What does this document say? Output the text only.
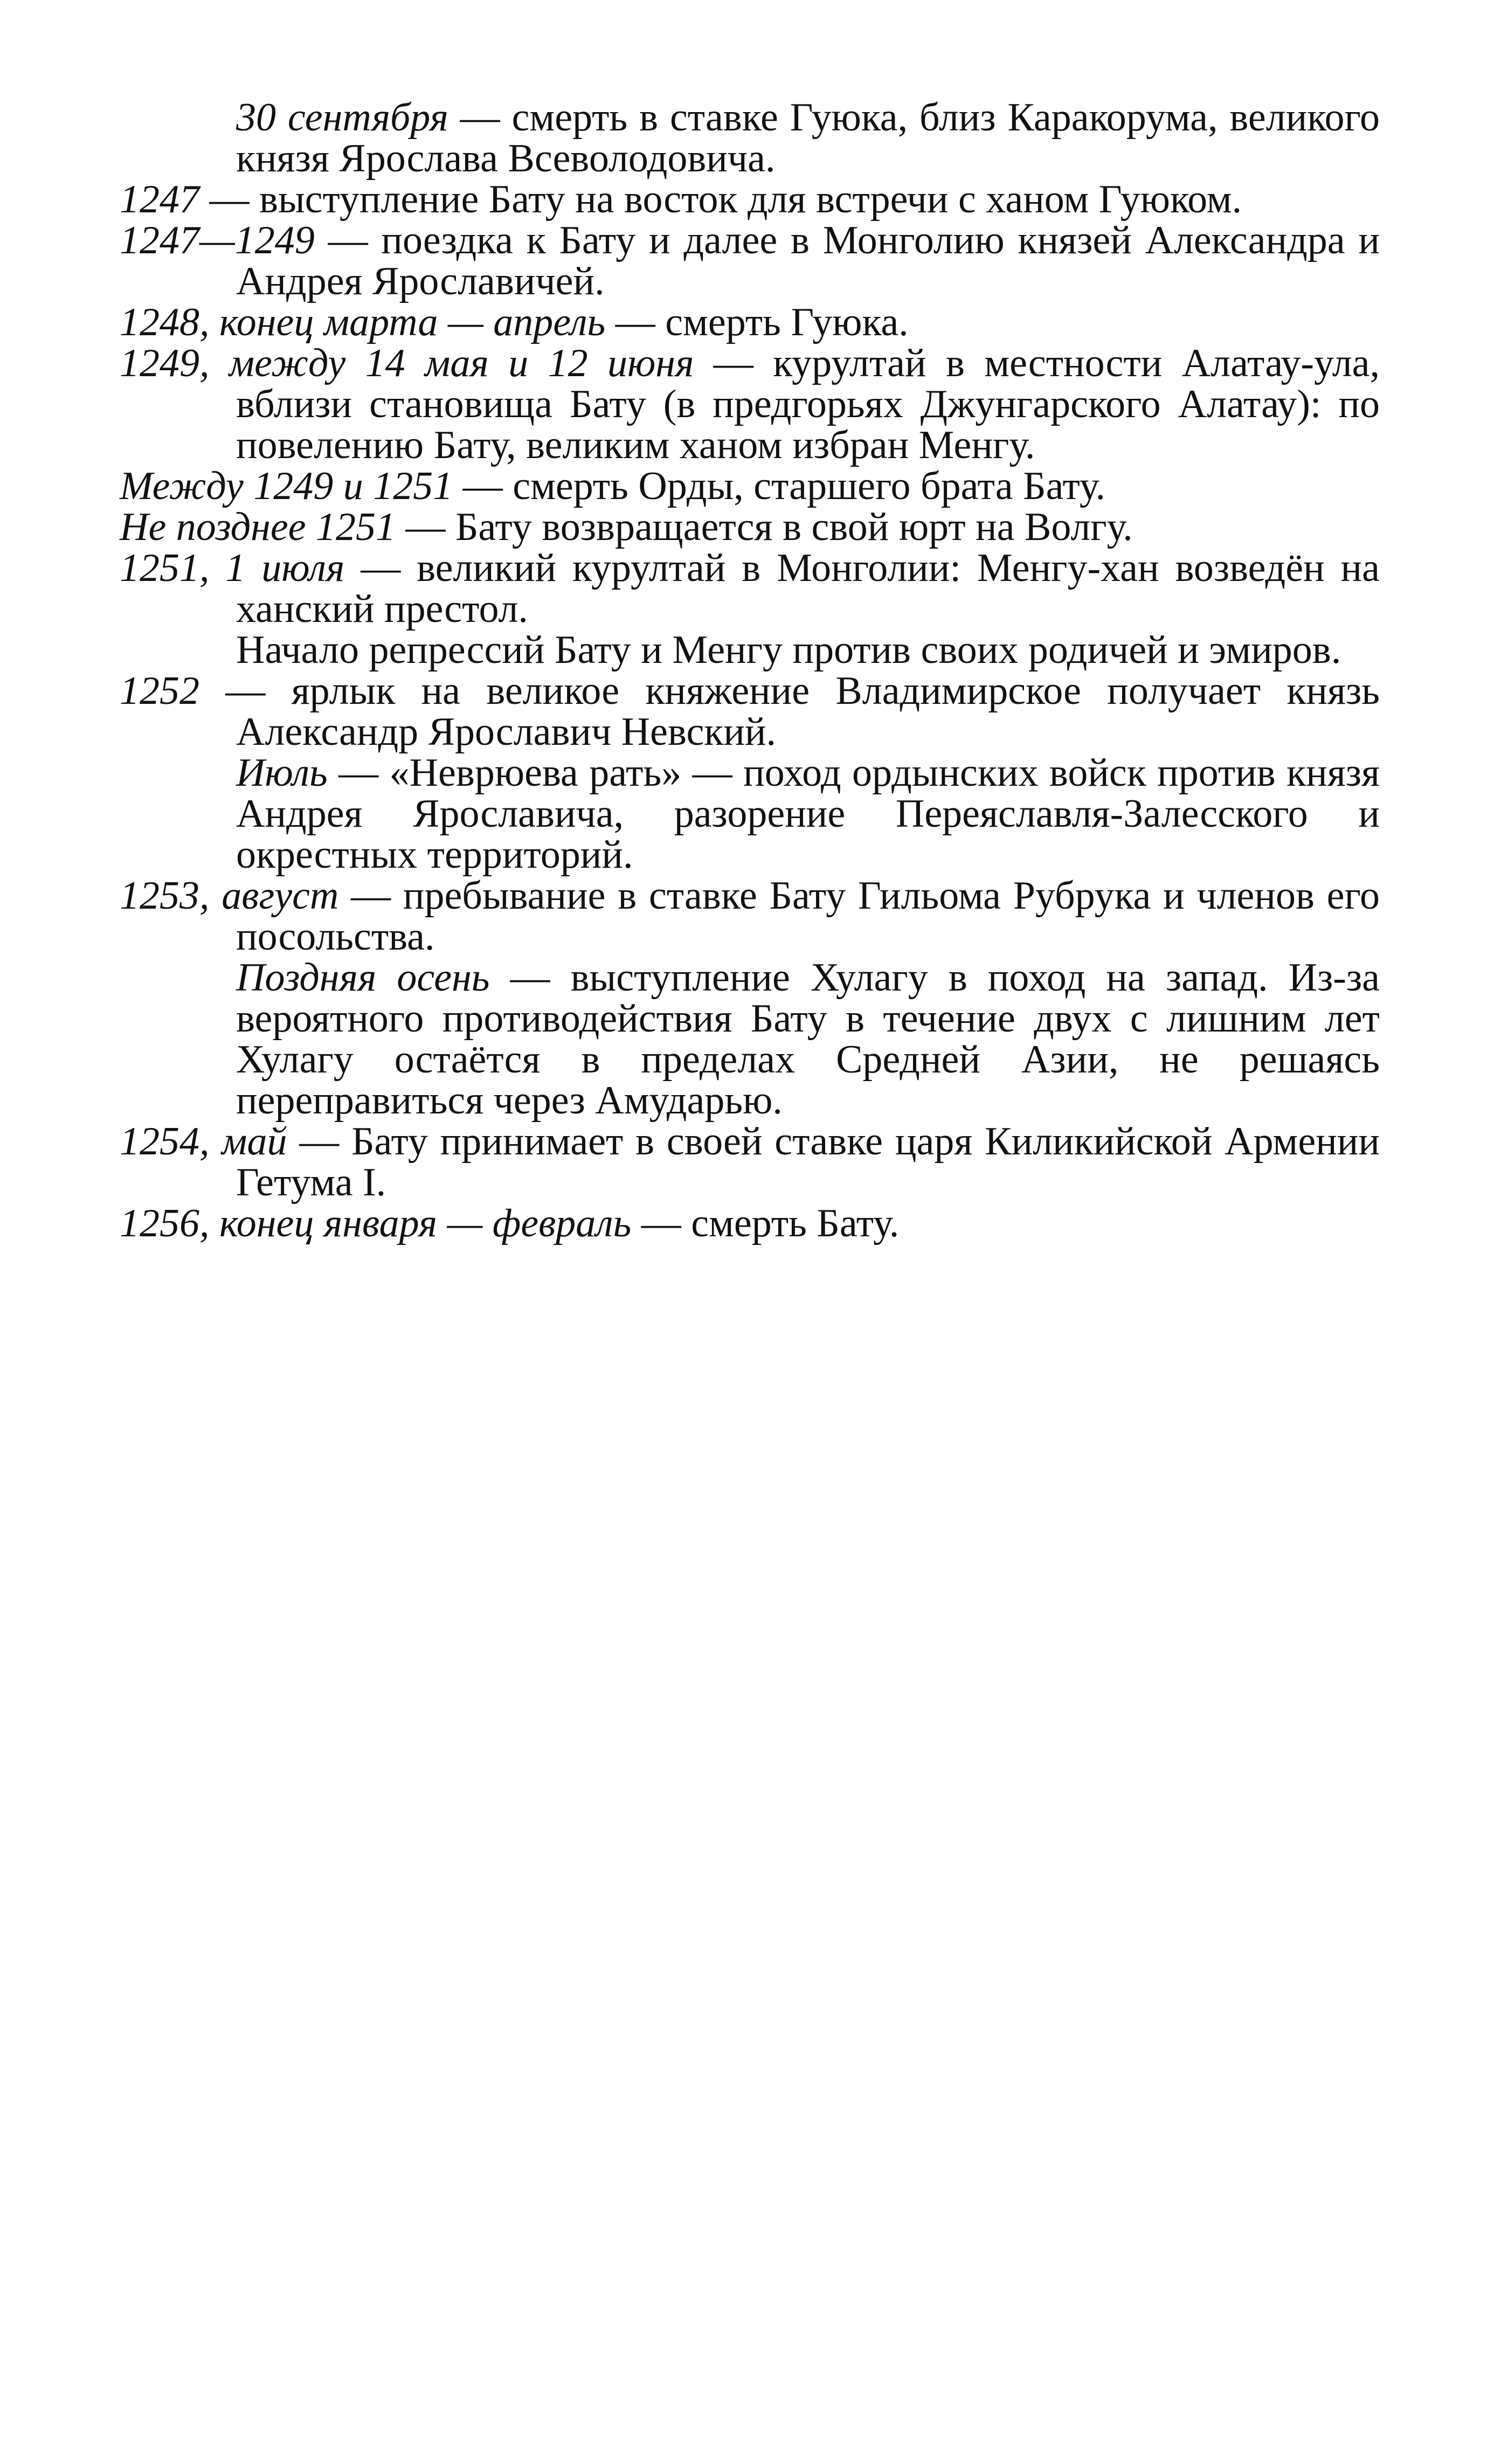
30 сентября — смерть в ставке Гуюка, близ Каракорума, великого князя Ярослава Всеволодовича.

1247 — выступление Бату на восток для встречи с ханом Гуюком.

1247—1249 — поездка к Бату и далее в Монголию князей Александра и Андрея Ярославичей.

1248, конец марта — апрель — смерть Гуюка.

1249, между 14 мая и 12 июня — курултай в местности Алатау-ула, вблизи становища Бату (в предгорьях Джунгарского Алатау): по повелению Бату, великим ханом избран Менгу.

Между 1249 и 1251 — смерть Орды, старшего брата Бату.

Не позднее 1251 — Бату возвращается в свой юрт на Волгу.

1251, 1 июля — великий курултай в Монголии: Менгу-хан возведён на ханский престол.

Начало репрессий Бату и Менгу против своих родичей и эмиров.

1252 — ярлык на великое княжение Владимирское получает князь Александр Ярославич Невский.

Июль — «Неврюева рать» — поход ордынских войск против князя Андрея Ярославича, разорение Переяславля-Залесского и окрестных территорий.

1253, август — пребывание в ставке Бату Гильома Рубрука и членов его посольства.

Поздняя осень — выступление Хулагу в поход на запад. Из-за вероятного противодействия Бату в течение двух с лишним лет Хулагу остаётся в пределах Средней Азии, не решаясь переправиться через Амударью.

1254, май — Бату принимает в своей ставке царя Киликийской Армении Гетума I.

1256, конец января — февраль — смерть Бату.
